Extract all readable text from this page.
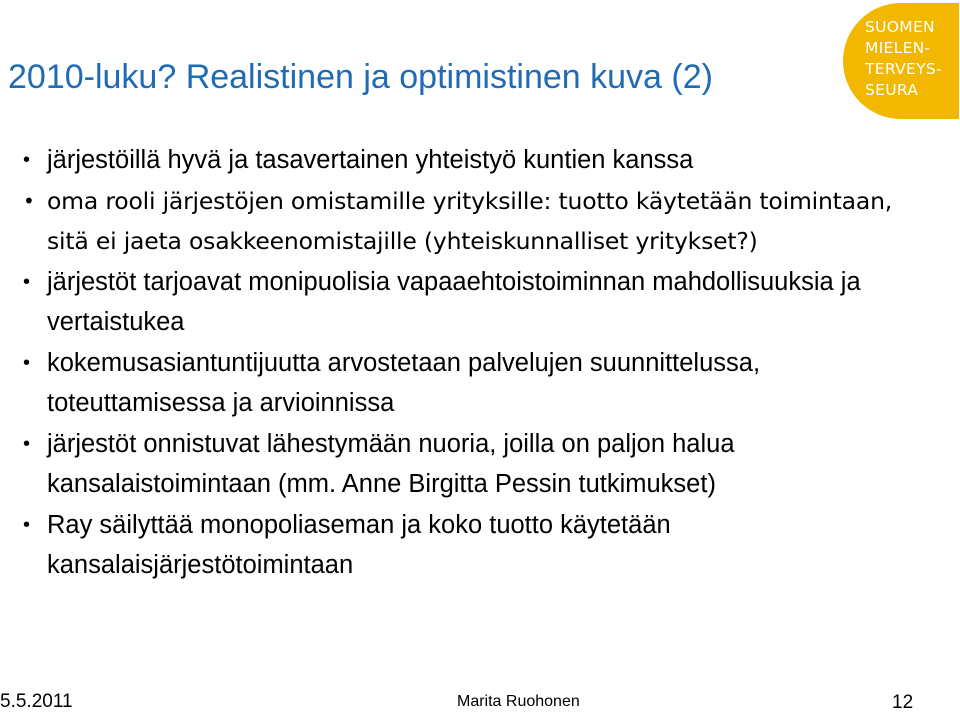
2010-luku? Realistinen ja optimistinen kuva (2)
SUOMEN
MIELEN-
TERVEYS-
SEURA
• järjestöillä hyvä ja tasavertainen yhteistyö kuntien kanssa
• oma rooli järjestöjen omistamille yrityksille: tuotto käytetään toimintaan, sitä ei jaeta osakkeenomistajille (yhteiskunnalliset yritykset?)
• järjestöt tarjoavat monipuolisia vapaaehtoistoiminnan mahdollisuuksia ja vertaistukea
• kokemusasiantuntijuutta arvostetaan palvelujen suunnittelussa, toteuttamisessa ja arvioinnissa
• järjestöt onnistuvat lähestymään nuoria, joilla on paljon halua kansalaistoimintaan (mm. Anne Birgitta Pessin tutkimukset)
• Ray säilyttää monopoliaseman ja koko tuotto käytetään kansalaisjärjestötoimintaan
5.5.2011	Marita Ruohonen	12
